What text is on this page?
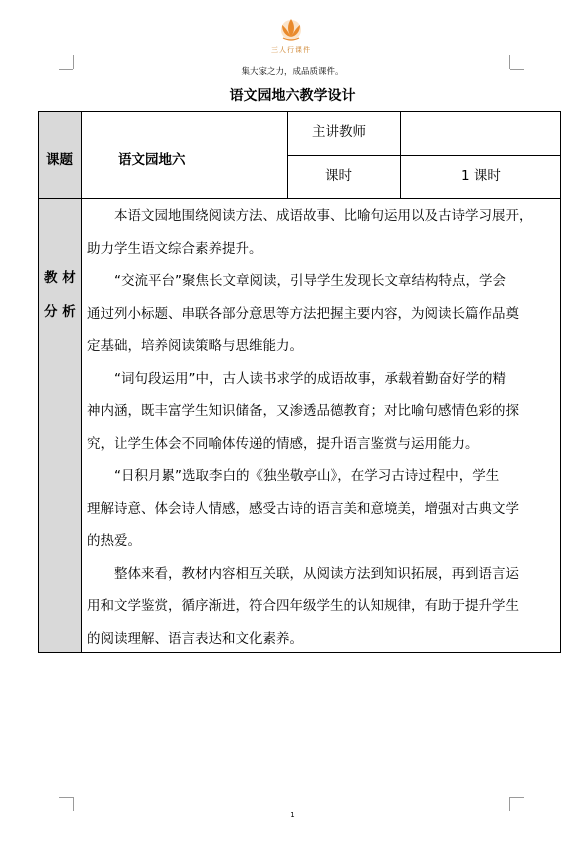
三人行课件
集大家之力，成品质课件。
语文园地六教学设计
课题	语文园地六
主讲教师
课时	1 课时
教 材
分 析
　　本语文园地围绕阅读方法、成语故事、比喻句运用以及古诗学习展开，
助力学生语文综合素养提升。
　　“交流平台”聚焦长文章阅读，引导学生发现长文章结构特点，学会
通过列小标题、串联各部分意思等方法把握主要内容，为阅读长篇作品奠
定基础，培养阅读策略与思维能力。
　　“词句段运用”中，古人读书求学的成语故事，承载着勤奋好学的精
神内涵，既丰富学生知识储备，又渗透品德教育；对比喻句感情色彩的探
究，让学生体会不同喻体传递的情感，提升语言鉴赏与运用能力。
　　“日积月累”选取李白的《独坐敬亭山》，在学习古诗过程中，学生
理解诗意、体会诗人情感，感受古诗的语言美和意境美，增强对古典文学
的热爱。
　　整体来看，教材内容相互关联，从阅读方法到知识拓展，再到语言运
用和文学鉴赏，循序渐进，符合四年级学生的认知规律，有助于提升学生
的阅读理解、语言表达和文化素养。
1
